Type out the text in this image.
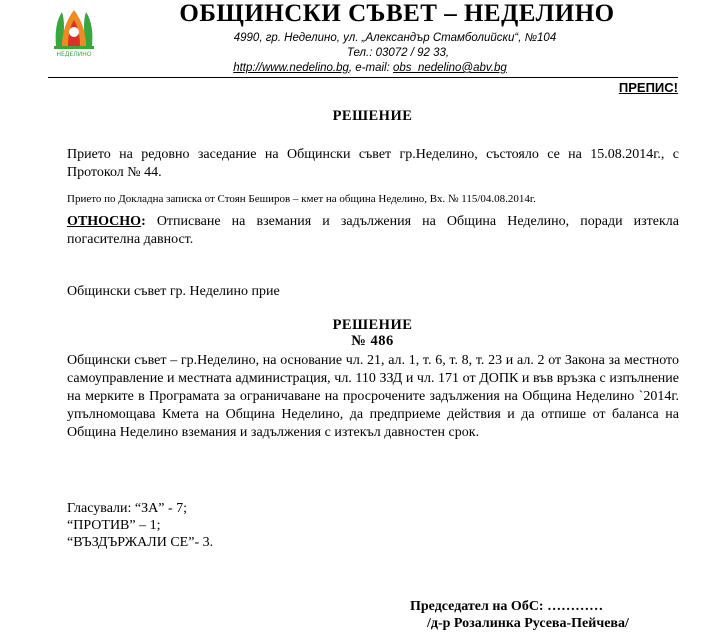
НЕДЕЛИНО
ОБЩИНСКИ СЪВЕТ – НЕДЕЛИНО
4990, гр. Неделино, ул. „Александър Стамболийски“, №104
Тел.: 03072 / 92 33,
http://www.nedelino.bg, e-mail: obs_nedelino@abv.bg
ПРЕПИС!
РЕШЕНИЕ
Прието на редовно заседание на Общински съвет гр.Неделино, състояло се на 15.08.2014г., с Протокол № 44.
Прието по Докладна записка от Стоян Беширов – кмет на община Неделино, Вх. № 115/04.08.2014г.
ОТНОСНО: Отписване на вземания и задължения на Община Неделино, поради изтекла погасителна давност.
Общински съвет гр. Неделино прие
РЕШЕНИЕ
№ 486
Общински съвет – гр.Неделино, на основание чл. 21, ал. 1, т. 6, т. 8, т. 23 и ал. 2 от Закона за местното самоуправление и местната администрация, чл. 110 ЗЗД и чл. 171 от ДОПК и във връзка с изпълнение на мерките в Програмата за ограничаване на просрочените задължения на Община Неделино `2014г. упълномощава Кмета на Община Неделино, да предприеме действия и да отпише от баланса на Община Неделино вземания и задължения с изтекъл давностен срок.
Гласували: “ЗА” - 7;
“ПРОТИВ” – 1;
“ВЪЗДЪРЖАЛИ СЕ”- 3.
Председател на ОбС: …………
/д-р Розалинка Русева-Пейчева/
